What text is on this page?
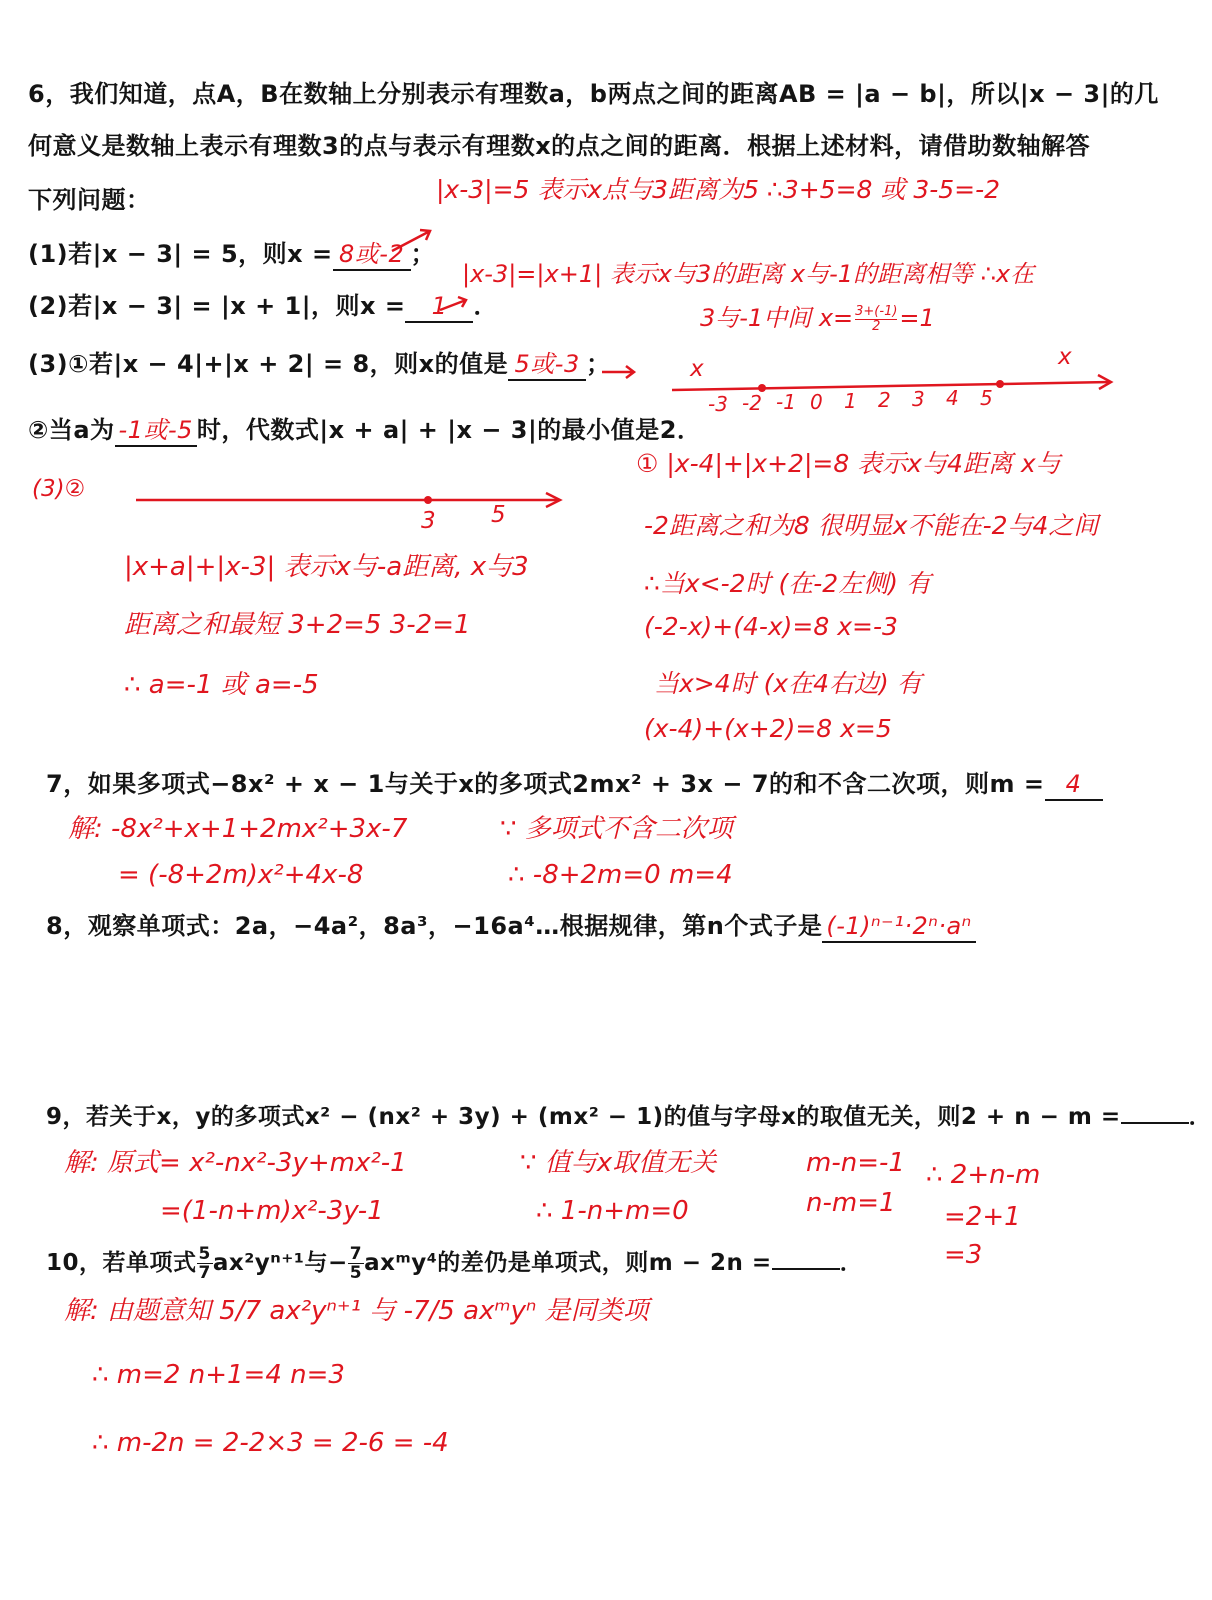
6，我们知道，点A，B在数轴上分别表示有理数a，b两点之间的距离AB = |a − b|，所以|x − 3|的几
何意义是数轴上表示有理数3的点与表示有理数x的点之间的距离．根据上述材料，请借助数轴解答
下列问题：
(1)若|x − 3| = 5，则x = 8或-2 ；
(2)若|x − 3| = |x + 1|，则x = 1 ．
(3)①若|x − 4|+|x + 2| = 8，则x的值是 5或-3 ；
②当a为 -1或-5 时，代数式|x + a| + |x − 3|的最小值是2．
|x-3|=5 表示x点与3距离为5 ∴3+5=8 或 3-5=-2
|x-3|=|x+1| 表示x与3的距离 x与-1的距离相等 ∴x在
3与-1中间 $x= \frac{3+(-1)}{2} =1$
-3 -2 -1 0 1 2 3 4 5
x	x
(3)②
3 5
|x+a|+|x-3| 表示x与-a距离, x与3
距离之和最短 3+2=5 3-2=1
∴ a=-1 或 a=-5
① |x-4|+|x+2|=8 表示x与4距离 x与
-2距离之和为8 很明显x不能在-2与4之间
∴当x<-2时 (在-2左侧) 有
(-2-x)+(4-x)=8 x=-3
当x>4时 (x在4右边) 有
(x-4)+(x+2)=8 x=5
7，如果多项式−8x² + x − 1与关于x的多项式2mx² + 3x − 7的和不含二次项，则m = 4
解: -8x²+x+1+2mx²+3x-7
= (-8+2m)x²+4x-8
∵ 多项式不含二次项
∴ -8+2m=0 m=4
8，观察单项式：2a，−4a²，8a³，−16a⁴…根据规律，第n个式子是 (-1)ⁿ⁻¹·2ⁿ·aⁿ
9，若关于x，y的多项式x² − (nx² + 3y) + (mx² − 1)的值与字母x的取值无关，则2 + n − m =	．
解: 原式= x²-nx²-3y+mx²-1
=(1-n+m)x²-3y-1
∵ 值与x取值无关
∴ 1-n+m=0
m-n=-1
n-m=1
∴ 2+n-m
=2+1
=3
10，若单项式 $\frac{5}{7} ax^2y^{n+1}$与− $\frac{7}{5}$ axᵐy⁴的差仍是单项式，则m − 2n =	．
解: 由题意知 5/7 ax²yⁿ⁺¹ 与 -7/5 axᵐyⁿ 是同类项
∴ m=2 n+1=4 n=3
∴ m-2n = 2-2×3 = 2-6 = -4
